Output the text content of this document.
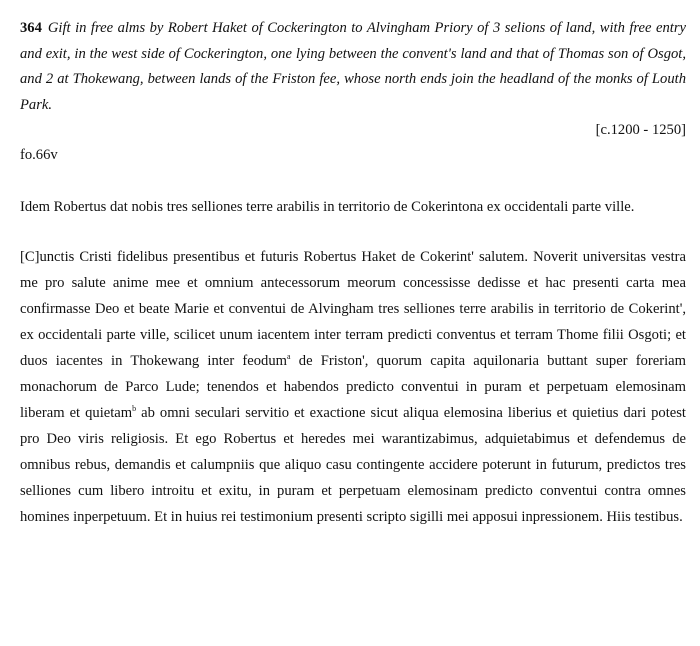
364 Gift in free alms by Robert Haket of Cockerington to Alvingham Priory of 3 selions of land, with free entry and exit, in the west side of Cockerington, one lying between the convent's land and that of Thomas son of Osgot, and 2 at Thokewang, between lands of the Friston fee, whose north ends join the headland of the monks of Louth Park.

[c.1200 - 1250]

fo.66v

Idem Robertus dat nobis tres selliones terre arabilis in territorio de Cokerintona ex occidentali parte ville.

[C]unctis Cristi fidelibus presentibus et futuris Robertus Haket de Cokerint' salutem. Noverit universitas vestra me pro salute anime mee et omnium antecessorum meorum concessisse dedisse et hac presenti carta mea confirmasse Deo et beate Marie et conventui de Alvingham tres selliones terre arabilis in territorio de Cokerint', ex occidentali parte ville, scilicet unum iacentem inter terram predicti conventus et terram Thome filii Osgoti; et duos iacentes in Thokewang inter feodum$^a$ de Friston', quorum capita aquilonaria buttant super foreriam monachorum de Parco Lude; tenendos et habendos predicto conventui in puram et perpetuam elemosinam liberam et quietam$^b$ ab omni seculari servitio et exactione sicut aliqua elemosina liberius et quietius dari potest pro Deo viris religiosis. Et ego Robertus et heredes mei warantizabimus, adquietabimus et defendemus de omnibus rebus, demandis et calumpniis que aliquo casu contingente accidere poterunt in futurum, predictos tres selliones cum libero introitu et exitu, in puram et perpetuam elemosinam predicto conventui contra omnes homines inperpetuum. Et in huius rei testimonium presenti scripto sigilli mei apposui inpressionem. Hiis testibus.
